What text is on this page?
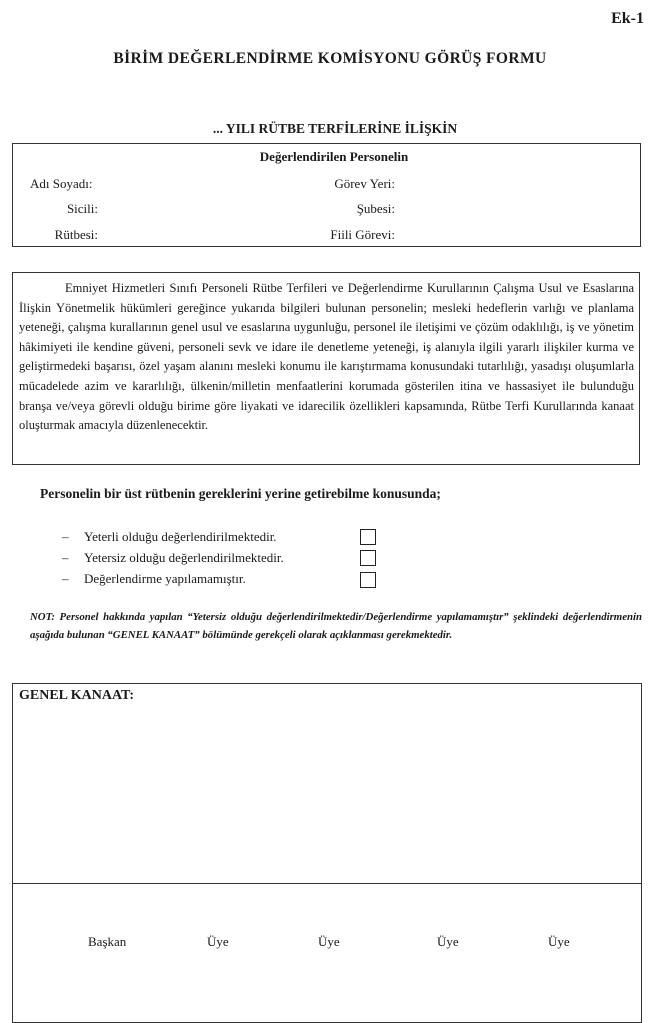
Ek-1
BİRİM DEĞERLENDİRME KOMİSYONU GÖRÜŞ FORMU
... YILI RÜTBE TERFİLERİNE İLİŞKİN
Değerlendirilen Personelin
Adı Soyadı:
Sicili:
Rütbesi:
Görev Yeri:
Şubesi:
Fiili Görevi:

Emniyet Hizmetleri Sınıfı Personeli Rütbe Terfileri ve Değerlendirme Kurullarının Çalışma Usul ve Esaslarına İlişkin Yönetmelik hükümleri gereğince yukarıda bilgileri bulunan personelin; mesleki hedeflerin varlığı ve planlama yeteneği, çalışma kurallarının genel usul ve esaslarına uygunluğu, personel ile iletişimi ve çözüm odaklılığı, iş ve yönetim hâkimiyeti ile kendine güveni, personeli sevk ve idare ile denetleme yeteneği, iş alanıyla ilgili yararlı ilişkiler kurma ve geliştirmedeki başarısı, özel yaşam alanını mesleki konumu ile karıştırmama konusundaki tutarlılığı, yasadışı oluşumlarla mücadelede azim ve kararlılığı, ülkenin/milletin menfaatlerini korumada gösterilen itina ve hassasiyet ile bulunduğu branşa ve/veya görevli olduğu birime göre liyakati ve idarecilik özellikleri kapsamında, Rütbe Terfi Kurullarında kanaat oluşturmak amacıyla düzenlenecektir.

Personelin bir üst rütbenin gereklerini yerine getirebilme konusunda;
– Yeterli olduğu değerlendirilmektedir.
– Yetersiz olduğu değerlendirilmektedir.
– Değerlendirme yapılamamıştır.
NOT: Personel hakkında yapılan “Yetersiz olduğu değerlendirilmektedir/Değerlendirme yapılamamıştır” şeklindeki değerlendirmenin aşağıda bulunan “GENEL KANAAT” bölümünde gerekçeli olarak açıklanması gerekmektedir.
GENEL KANAAT:
Başkan	Üye	Üye	Üye	Üye
